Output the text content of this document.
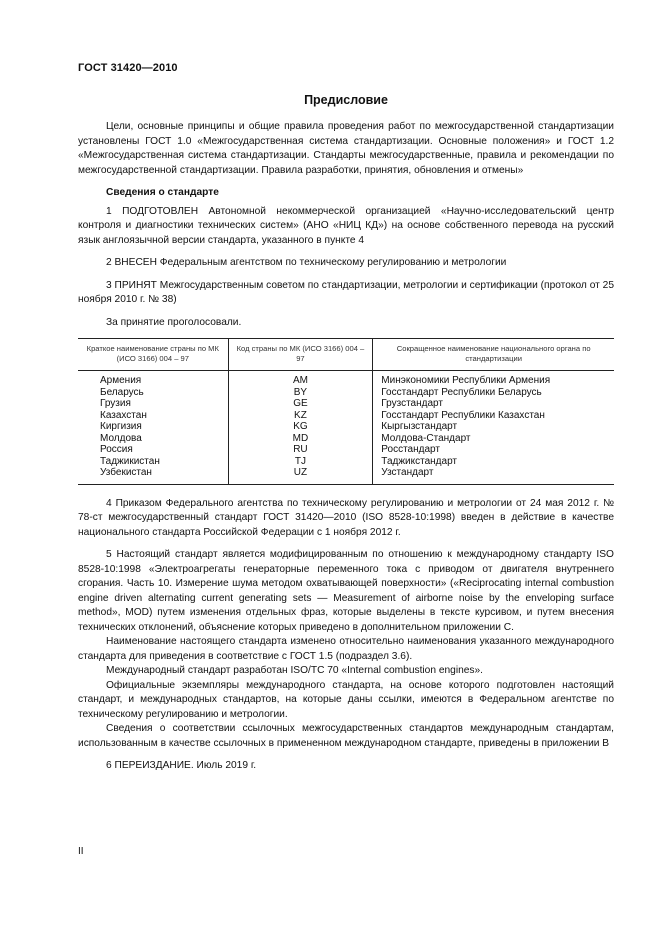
ГОСТ 31420—2010
Предисловие

Цели, основные принципы и общие правила проведения работ по межгосударственной стандартизации установлены ГОСТ 1.0 «Межгосударственная система стандартизации. Основные положения» и ГОСТ 1.2 «Межгосударственная система стандартизации. Стандарты межгосударственные, правила и рекомендации по межгосударственной стандартизации. Правила разработки, принятия, обновления и отмены»

Сведения о стандарте

1 ПОДГОТОВЛЕН Автономной некоммерческой организацией «Научно-исследовательский центр контроля и диагностики технических систем» (АНО «НИЦ КД») на основе собственного перевода на русский язык англоязычной версии стандарта, указанного в пункте 4

2 ВНЕСЕН Федеральным агентством по техническому регулированию и метрологии

3 ПРИНЯТ Межгосударственным советом по стандартизации, метрологии и сертификации (протокол от 25 ноября 2010 г. № 38)

За принятие проголосовали.

Краткое наименование страны по МК (ИСО 3166) 004 – 97	Код страны по МК (ИСО 3166) 004 – 97	Сокращенное наименование национального органа по стандартизации
Армения	AM	Минэкономики Республики Армения
Беларусь	BY	Госстандарт Республики Беларусь
Грузия	GE	Грузстандарт
Казахстан	KZ	Госстандарт Республики Казахстан
Киргизия	KG	Кыргызстандарт
Молдова	MD	Молдова-Стандарт
Россия	RU	Росстандарт
Таджикистан	TJ	Таджикстандарт
Узбекистан	UZ	Узстандарт

4 Приказом Федерального агентства по техническому регулированию и метрологии от 24 мая 2012 г. № 78-ст межгосударственный стандарт ГОСТ 31420—2010 (ISO 8528-10:1998) введен в действие в качестве национального стандарта Российской Федерации с 1 ноября 2012 г.

5 Настоящий стандарт является модифицированным по отношению к международному стандарту ISO 8528-10:1998 «Электроагрегаты генераторные переменного тока с приводом от двигателя внутреннего сгорания. Часть 10. Измерение шума методом охватывающей поверхности» («Reciprocating internal combustion engine driven alternating current generating sets — Measurement of airborne noise by the enveloping surface method», MOD) путем изменения отдельных фраз, которые выделены в тексте курсивом, и путем внесения технических отклонений, объяснение которых приведено в дополнительном приложении С.

Наименование настоящего стандарта изменено относительно наименования указанного международного стандарта для приведения в соответствие с ГОСТ 1.5 (подраздел 3.6).

Международный стандарт разработан ISO/TC 70 «Internal combustion engines».

Официальные экземпляры международного стандарта, на основе которого подготовлен настоящий стандарт, и международных стандартов, на которые даны ссылки, имеются в Федеральном агентстве по техническому регулированию и метрологии.

Сведения о соответствии ссылочных межгосударственных стандартов международным стандартам, использованным в качестве ссылочных в примененном международном стандарте, приведены в приложении В

6 ПЕРЕИЗДАНИЕ. Июль 2019 г.

II
